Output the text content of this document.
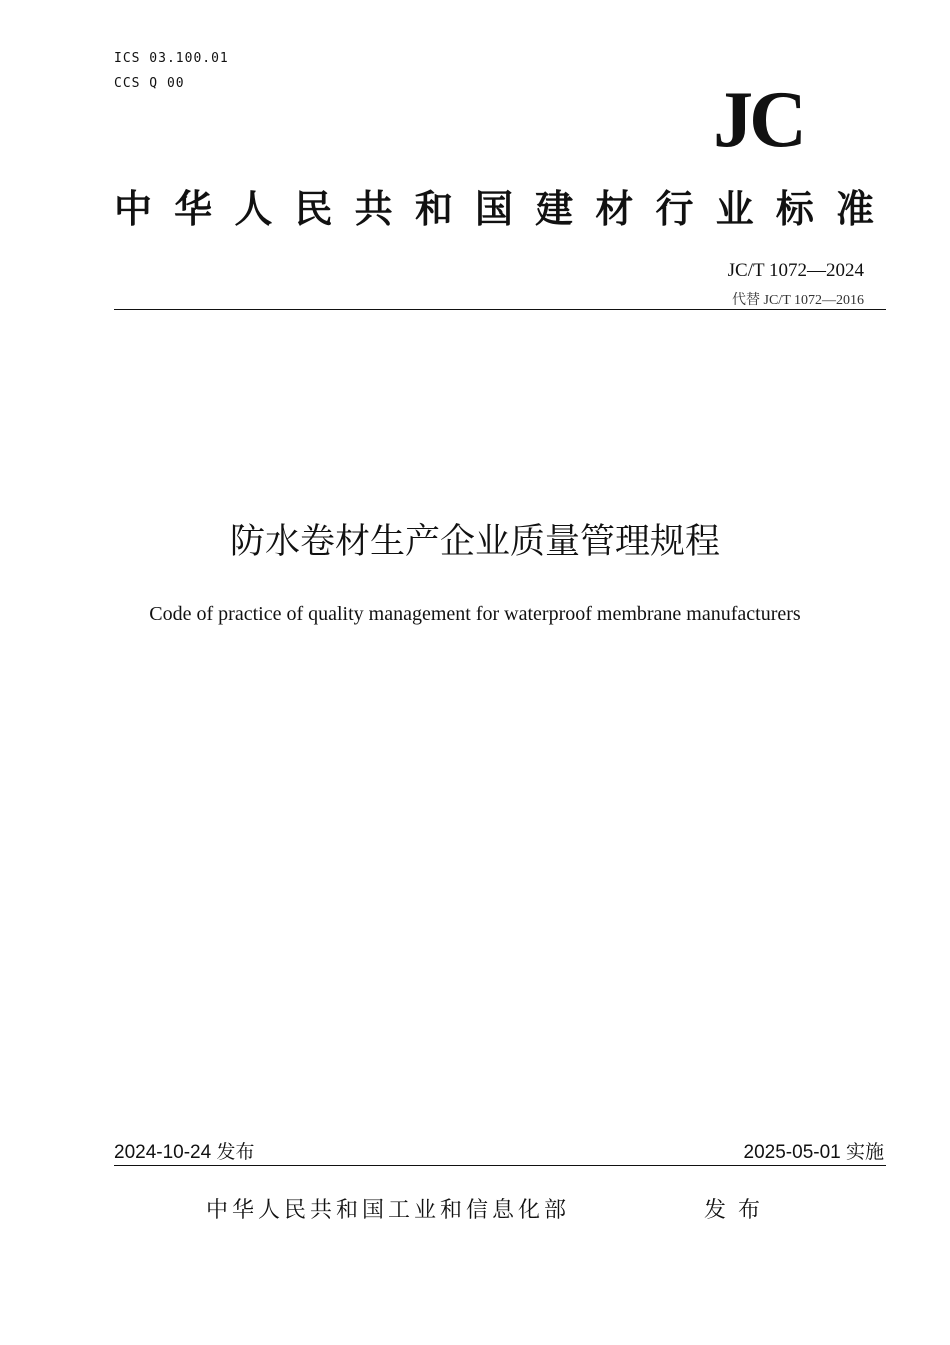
ICS 03.100.01
CCS Q 00	JC
中华人民共和国建材行业标准
JC/T 1072—2024
代替 JC/T 1072—2016
防水卷材生产企业质量管理规程
Code of practice of quality management for waterproof membrane manufacturers
2024-10-24 发布	2025-05-01 实施
中华人民共和国工业和信息化部	发布
